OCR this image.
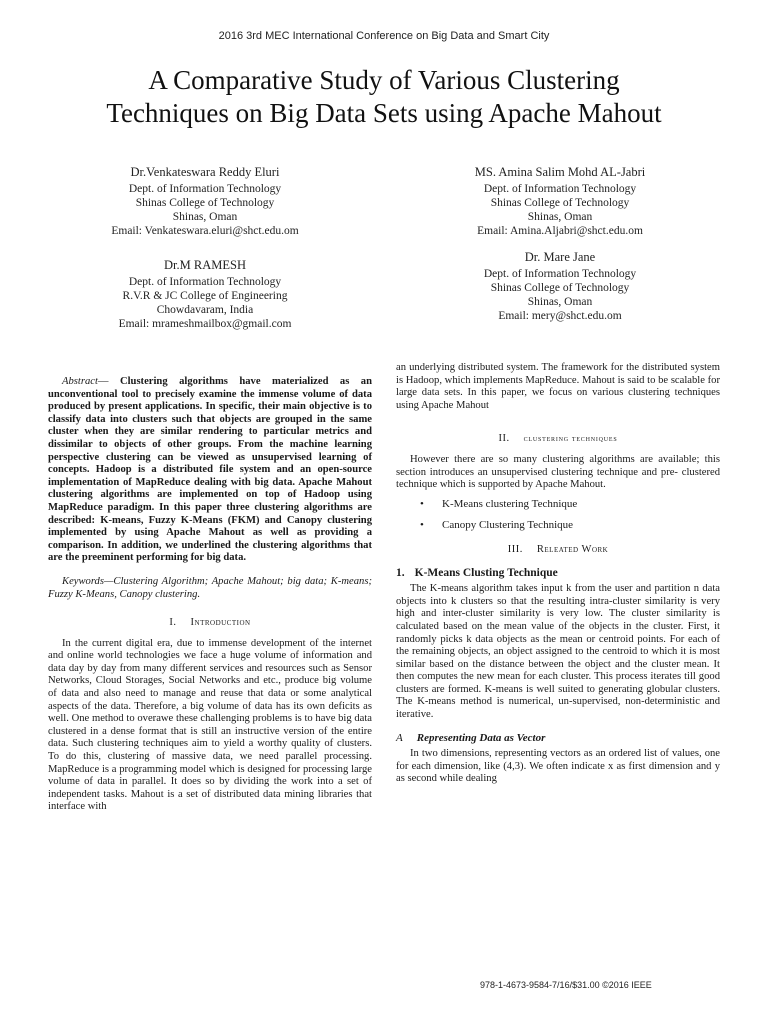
2016 3rd MEC International Conference on Big Data and Smart City
A Comparative Study of Various Clustering
Techniques on Big Data Sets using Apache Mahout
Dr.Venkateswara Reddy Eluri
Dept. of Information Technology
Shinas College of Technology
Shinas, Oman
Email: Venkateswara.eluri@shct.edu.om
MS. Amina Salim Mohd AL-Jabri
Dept. of Information Technology
Shinas College of Technology
Shinas, Oman
Email: Amina.Aljabri@shct.edu.om
Dr.M RAMESH
Dept. of Information Technology
R.V.R & JC College of Engineering
Chowdavaram, India
Email: mrameshmailbox@gmail.com
Dr. Mare Jane
Dept. of Information Technology
Shinas College of Technology
Shinas, Oman
Email: mery@shct.edu.om

Abstract— Clustering algorithms have materialized as an unconventional tool to precisely examine the immense volume of data produced by present applications. In specific, their main objective is to classify data into clusters such that objects are grouped in the same cluster when they are similar rendering to particular metrics and dissimilar to objects of other groups. From the machine learning perspective clustering can be viewed as unsupervised learning of concepts. Hadoop is a distributed file system and an open-source implementation of MapReduce dealing with big data. Apache Mahout clustering algorithms are implemented on top of Hadoop using MapReduce paradigm. In this paper three clustering algorithms are described: K-means, Fuzzy K-Means (FKM) and Canopy clustering implemented by using Apache Mahout as well as providing a comparison. In addition, we underlined the clustering algorithms that are the preeminent performing for big data.

Keywords—Clustering Algorithm; Apache Mahout; big data; K-means; Fuzzy K-Means, Canopy clustering.

I. Introduction

In the current digital era, due to immense development of the internet and online world technologies we face a huge volume of information and data day by day from many different services and resources such as Sensor Networks, Cloud Storages, Social Networks and etc., produce big volume of data and also need to manage and reuse that data or some analytical aspects of the data. Therefore, a big volume of data has its own deficits as well. One method to overawe these challenging problems is to have big data clustered in a dense format that is still an instructive version of the entire data. Such clustering techniques aim to yield a worthy quality of clusters. To do this, clustering of massive data, we need parallel processing. MapReduce is a programming model which is designed for processing large volume of data in parallel. It does so by dividing the work into a set of independent tasks. Mahout is a set of distributed data mining libraries that interface with

an underlying distributed system. The framework for the distributed system is Hadoop, which implements MapReduce. Mahout is said to be scalable for large data sets. In this paper, we focus on various clustering techniques using Apache Mahout

II. clustering techniques

However there are so many clustering algorithms are available; this section introduces an unsupervised clustering technique and pre- clustered technique which is supported by Apache Mahout.

• K-Means clustering Technique
• Canopy Clustering Technique
III. Releated Work
1. K-Means Clusting Technique

The K-means algorithm takes input k from the user and partition n data objects into k clusters so that the resulting intra-cluster similarity is very high and inter-cluster similarity is very low. The cluster similarity is calculated based on the mean value of the objects in the cluster. First, it randomly picks k data objects as the mean or centroid points. For each of the remaining objects, an object assigned to the centroid to which it is most similar based on the distance between the object and the cluster mean. It then computes the new mean for each cluster. This process iterates till good clusters are formed. K-means is well suited to generating globular clusters. The K-means method is numerical, un-supervised, non-deterministic and iterative.

A Representing Data as Vector

In two dimensions, representing vectors as an ordered list of values, one for each dimension, like (4,3). We often indicate x as first dimension and y as second while dealing

978-1-4673-9584-7/16/$31.00 ©2016 IEEE
